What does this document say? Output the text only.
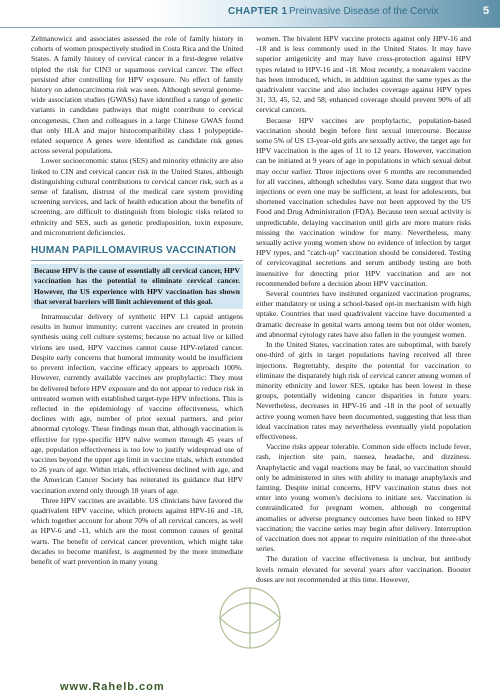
CHAPTER 1 Preinvasive Disease of the Cervix	5

Zelmanowicz and associates assessed the role of family history in cohorts of women prospectively studied in Costa Rica and the United States. A family history of cervical cancer in a first-degree relative tripled the risk for CIN3 or squamous cervical cancer. The effect persisted after controlling for HPV exposure. No effect of family history on adenocarcinoma risk was seen. Although several genome-wide association studies (GWASs) have identified a range of genetic variants in candidate pathways that might contribute to cervical oncogenesis, Chen and colleagues in a large Chinese GWAS found that only HLA and major histocompatibility class I polypeptide-related sequence A genes were identified as candidate risk genes across several populations.

Lower socioeconomic status (SES) and minority ethnicity are also linked to CIN and cervical cancer risk in the United States, although distinguishing cultural contributions to cervical cancer risk, such as a sense of fatalism, distrust of the medical care system providing screening services, and lack of health education about the benefits of screening, are difficult to distinguish from biologic risks related to ethnicity and SES, such as genetic predisposition, toxin exposure, and micronutrient deficiencies.

HUMAN PAPILLOMAVIRUS VACCINATION

Because HPV is the cause of essentially all cervical cancer, HPV vaccination has the potential to eliminate cervical cancer. However, the US experience with HPV vaccination has shown that several barriers will limit achievement of this goal.

Intramuscular delivery of synthetic HPV L1 capsid antigens results in humor immunity; current vaccines are created in protein synthesis using cell culture systems; because no actual live or killed virions are used, HPV vaccines cannot cause HPV-related cancer. Despite early concerns that humoral immunity would be insufficient to prevent infection, vaccine efficacy appears to approach 100%. However, currently available vaccines are prophylactic: They must be delivered before HPV exposure and do not appear to reduce risk in untreated women with established target-type HPV infections. This is reflected in the epidemiology of vaccine effectiveness, which declines with age, number of prior sexual partners, and prior abnormal cytology. These findings mean that, although vaccination is effective for type-specific HPV naïve women through 45 years of age, population effectiveness is too low to justify widespread use of vaccines beyond the upper age limit in vaccine trials, which extended to 26 years of age. Within trials, effectiveness declined with age, and the American Cancer Society has reiterated its guidance that HPV vaccination extend only through 18 years of age.

Three HPV vaccines are available. US clinicians have favored the quadrivalent HPV vaccine, which protects against HPV-16 and -18, which together account for about 70% of all cervical cancers, as well as HPV-6 and -11, which are the most common causes of genital warts. The benefit of cervical cancer prevention, which might take decades to become manifest, is augmented by the more immediate benefit of wart prevention in many young

women. The bivalent HPV vaccine protects against only HPV-16 and -18 and is less commonly used in the United States. It may have superior antigenicity and may have cross-protection against HPV types related to HPV-16 and -18. Most recently, a nonavalent vaccine has been introduced, which, in addition against the same types as the quadrivalent vaccine and also includes coverage against HPV types 31, 33, 45, 52, and 58; enhanced coverage should prevent 90% of all cervical cancers.

Because HPV vaccines are prophylactic, population-based vaccination should begin before first sexual intercourse. Because some 5% of US 13-year-old girls are sexually active, the target age for HPV vaccination is the ages of 11 to 12 years. However, vaccination can be initiated at 9 years of age in populations in which sexual debut may occur earlier. Three injections over 6 months are recommended for all vaccines, although schedules vary. Some data suggest that two injections or even one may be sufficient, at least for adolescents, but shortened vaccination schedules have not been approved by the US Food and Drug Administration (FDA). Because teen sexual activity is unpredictable, delaying vaccination until girls are more mature risks missing the vaccination window for many. Nevertheless, many sexually active young women show no evidence of infection by target HPV types, and "catch-up" vaccination should be considered. Testing of cervicovaginal secretions and serum antibody testing are both insensitive for detecting prior HPV vaccination and are not recommended before a decision about HPV vaccination.

Several countries have instituted organized vaccination programs, either mandatory or using a school-based opt-in mechanism with high uptake. Countries that used quadrivalent vaccine have documented a dramatic decrease in genital warts among teens but not older women, and abnormal cytology rates have also fallen in the youngest women.

In the United States, vaccination rates are suboptimal, with barely one-third of girls in target populations having received all three injections. Regrettably, despite the potential for vaccination to eliminate the disparately high risk of cervical cancer among women of minority ethnicity and lower SES, uptake has been lowest in these groups, potentially widening cancer disparities in future years. Nevertheless, decreases in HPV-16 and -18 in the pool of sexually active young women have been documented, suggesting that less than ideal vaccination rates may nevertheless eventually yield population effectiveness.

Vaccine risks appear tolerable. Common side effects include fever, rash, injection site pain, nausea, headache, and dizziness. Anaphylactic and vagal reactions may be fatal, so vaccination should only be administered in sites with ability to manage anaphylaxis and fainting. Despite initial concerns, HPV vaccination status does not enter into young women's decisions to initiate sex. Vaccination is contraindicated for pregnant women, although no congenital anomalies or adverse pregnancy outcomes have been linked to HPV vaccination; the vaccine series may begin after delivery. Interruption of vaccination does not appear to require reinitiation of the three-shot series.

The duration of vaccine effectiveness is unclear, but antibody levels remain elevated for several years after vaccination. Booster doses are not recommended at this time. However,

www.Rahelb.com
